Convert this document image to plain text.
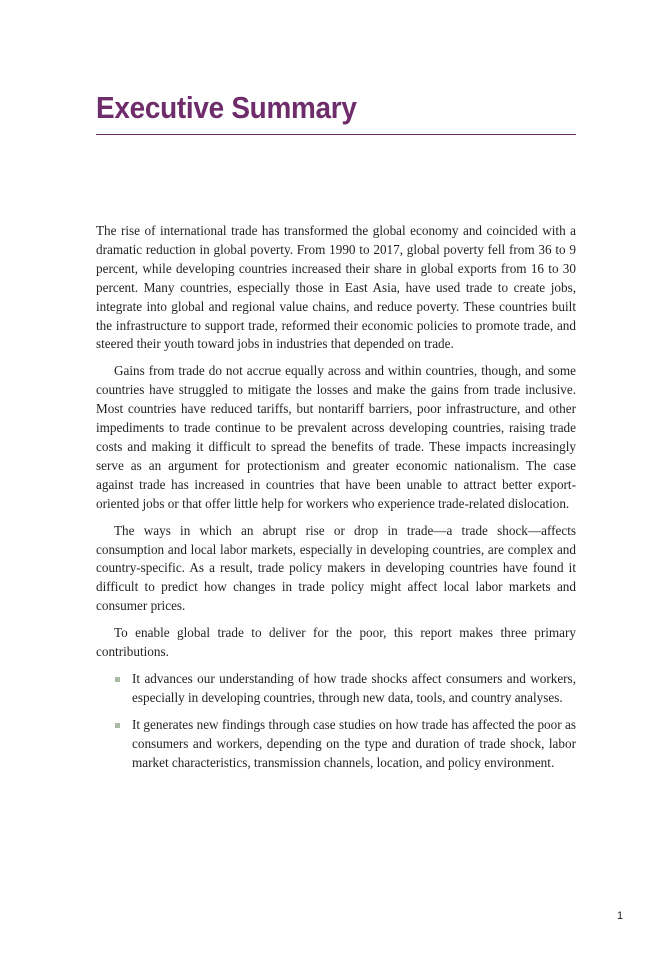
Executive Summary

The rise of international trade has transformed the global economy and coincided with a dramatic reduction in global poverty. From 1990 to 2017, global poverty fell from 36 to 9 percent, while developing countries increased their share in global exports from 16 to 30 percent. Many countries, especially those in East Asia, have used trade to create jobs, integrate into global and regional value chains, and reduce poverty. These countries built the infrastructure to support trade, reformed their economic policies to promote trade, and steered their youth toward jobs in industries that depended on trade.

Gains from trade do not accrue equally across and within countries, though, and some countries have struggled to mitigate the losses and make the gains from trade inclusive. Most countries have reduced tariffs, but nontariff barriers, poor infrastructure, and other impediments to trade continue to be prevalent across developing countries, raising trade costs and making it difficult to spread the benefits of trade. These impacts increasingly serve as an argument for protectionism and greater economic nationalism. The case against trade has increased in countries that have been unable to attract better export-oriented jobs or that offer little help for workers who experience trade-related dislocation.

The ways in which an abrupt rise or drop in trade—a trade shock—affects consumption and local labor markets, especially in developing countries, are complex and country-specific. As a result, trade policy makers in developing countries have found it difficult to predict how changes in trade policy might affect local labor markets and consumer prices.

To enable global trade to deliver for the poor, this report makes three primary contributions.

It advances our understanding of how trade shocks affect consumers and workers, especially in developing countries, through new data, tools, and country analyses.
It generates new findings through case studies on how trade has affected the poor as consumers and workers, depending on the type and duration of trade shock, labor market characteristics, transmission channels, location, and policy environment.
1
